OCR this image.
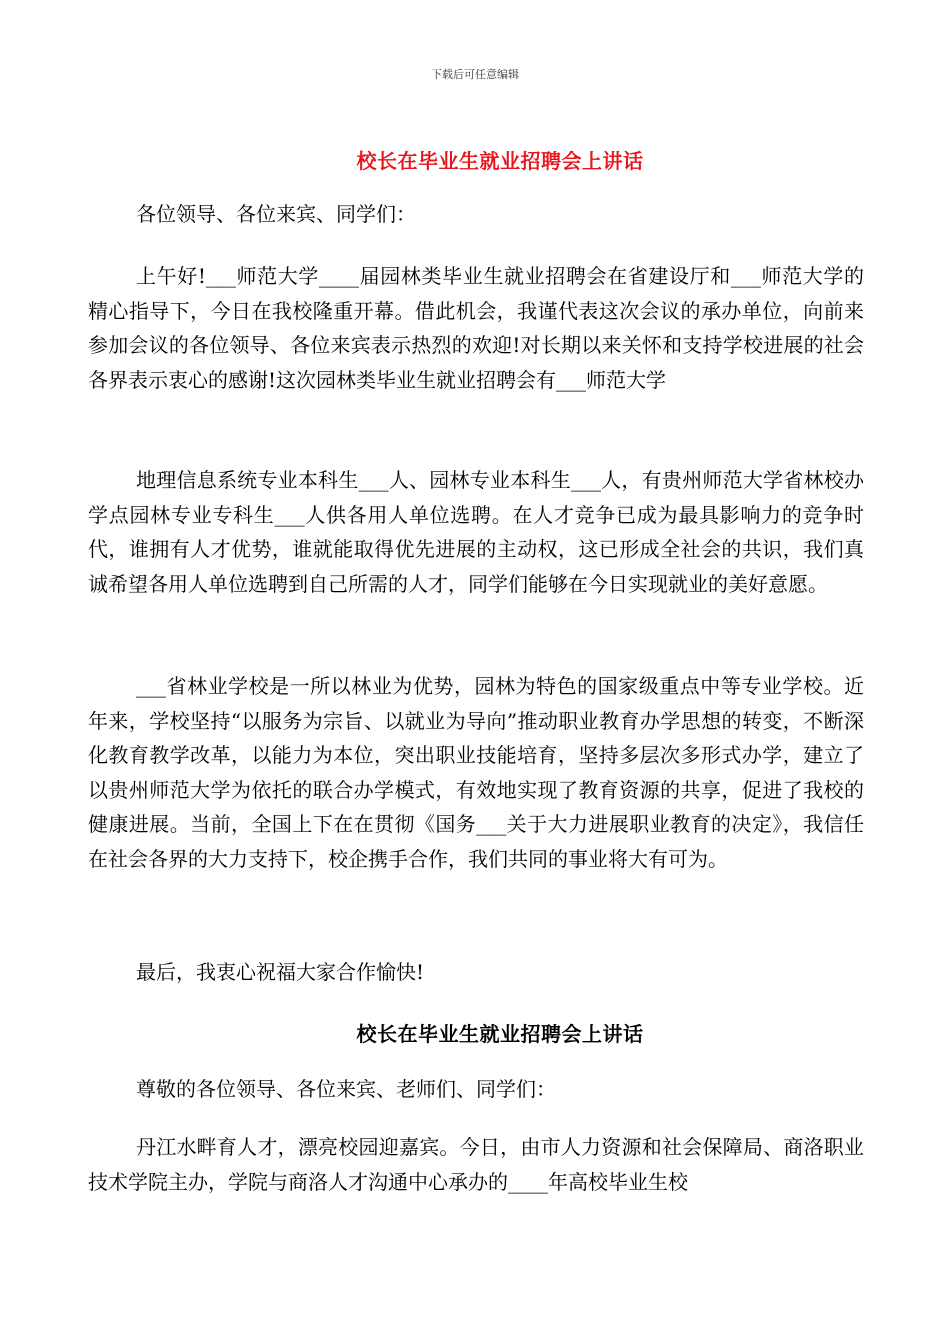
下载后可任意编辑
校长在毕业生就业招聘会上讲话

各位领导、各位来宾、同学们：

上午好!___师范大学____届园林类毕业生就业招聘会在省建设厅和___师范大学的精心指导下，今日在我校隆重开幕。借此机会，我谨代表这次会议的承办单位，向前来参加会议的各位领导、各位来宾表示热烈的欢迎!对长期以来关怀和支持学校进展的社会各界表示衷心的感谢!这次园林类毕业生就业招聘会有___师范大学

地理信息系统专业本科生___人、园林专业本科生___人，有贵州师范大学省林校办学点园林专业专科生___人供各用人单位选聘。在人才竞争已成为最具影响力的竞争时代，谁拥有人才优势，谁就能取得优先进展的主动权，这已形成全社会的共识，我们真诚希望各用人单位选聘到自己所需的人才，同学们能够在今日实现就业的美好意愿。

___省林业学校是一所以林业为优势，园林为特色的国家级重点中等专业学校。近年来，学校坚持“以服务为宗旨、以就业为导向”推动职业教育办学思想的转变，不断深化教育教学改革，以能力为本位，突出职业技能培育，坚持多层次多形式办学，建立了以贵州师范大学为依托的联合办学模式，有效地实现了教育资源的共享，促进了我校的健康进展。当前，全国上下在在贯彻《国务___关于大力进展职业教育的决定》，我信任在社会各界的大力支持下，校企携手合作，我们共同的事业将大有可为。

最后，我衷心祝福大家合作愉快!

校长在毕业生就业招聘会上讲话

尊敬的各位领导、各位来宾、老师们、同学们：

丹江水畔育人才，漂亮校园迎嘉宾。今日，由市人力资源和社会保障局、商洛职业技术学院主办，学院与商洛人才沟通中心承办的____年高校毕业生校
